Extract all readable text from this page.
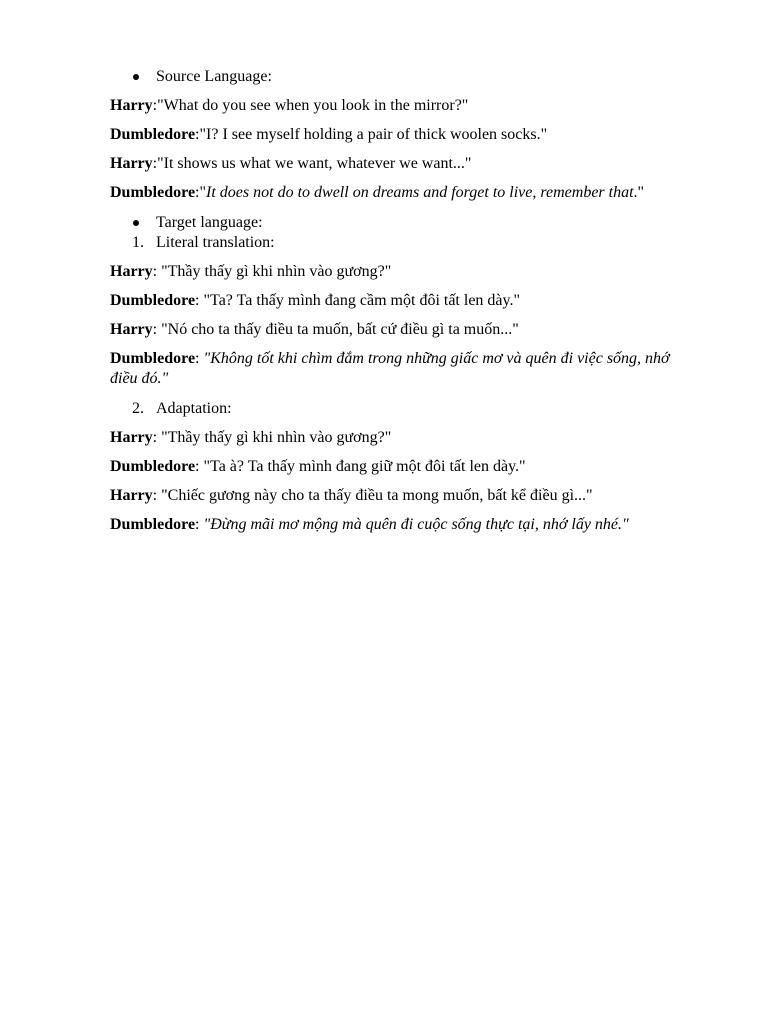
Source Language:
Harry:"What do you see when you look in the mirror?"
Dumbledore:"I? I see myself holding a pair of thick woolen socks."
Harry:"It shows us what we want, whatever we want..."
Dumbledore:"It does not do to dwell on dreams and forget to live, remember that."
Target language:
1. Literal translation:
Harry: "Thầy thấy gì khi nhìn vào gương?"
Dumbledore: "Ta? Ta thấy mình đang cầm một đôi tất len dày."
Harry: "Nó cho ta thấy điều ta muốn, bất cứ điều gì ta muốn..."
Dumbledore: "Không tốt khi chìm đắm trong những giấc mơ và quên đi việc sống, nhớ điều đó."
2. Adaptation:
Harry: "Thầy thấy gì khi nhìn vào gương?"
Dumbledore: "Ta à? Ta thấy mình đang giữ một đôi tất len dày."
Harry: "Chiếc gương này cho ta thấy điều ta mong muốn, bất kể điều gì..."
Dumbledore: "Đừng mãi mơ mộng mà quên đi cuộc sống thực tại, nhớ lấy nhé."
